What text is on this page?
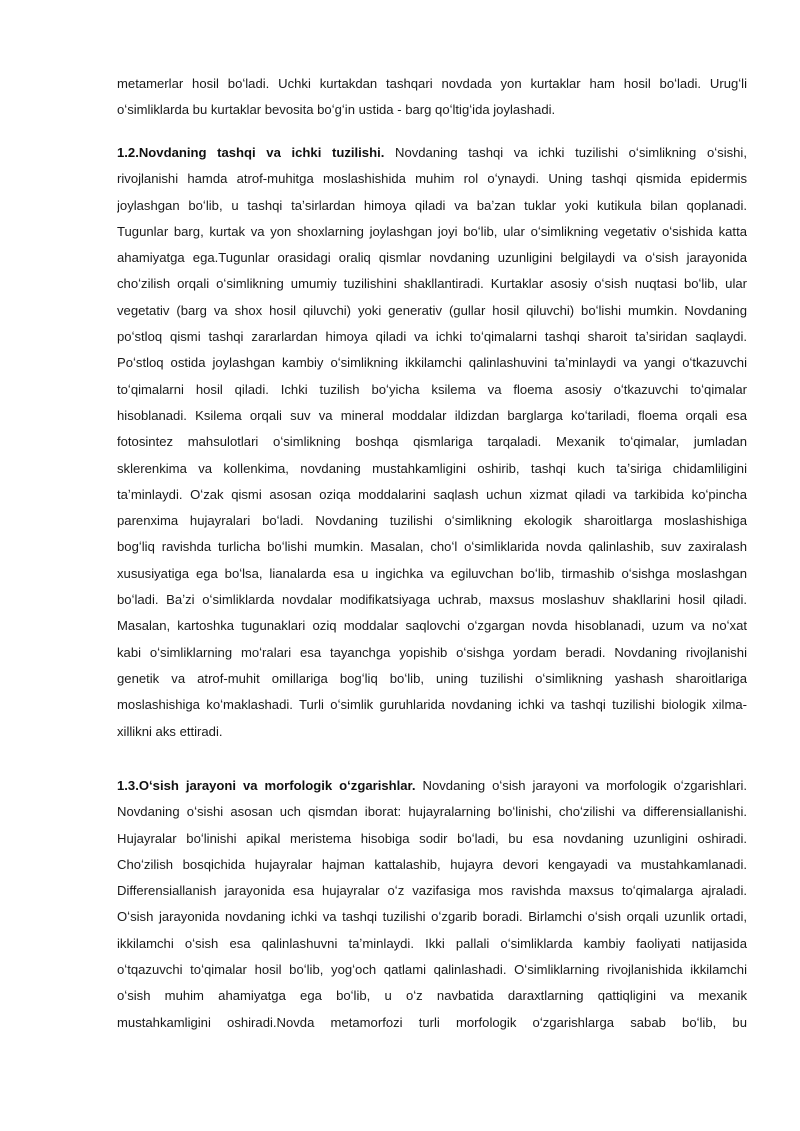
metamerlar hosil boʻladi. Uchki kurtakdan tashqari novdada yon kurtaklar ham hosil boʻladi. Urugʻli
oʻsimliklarda bu kurtaklar bevosita boʻgʻin ustida - barg qoʻltigʻida joylashadi.

1.2.Novdaning tashqi va ichki tuzilishi. Novdaning tashqi va ichki tuzilishi oʻsimlikning oʻsishi,
rivojlanishi hamda atrof-muhitga moslashishida muhim rol oʻynaydi. Uning tashqi qismida epidermis
joylashgan boʻlib, u tashqi taʼsirlardan himoya qiladi va baʼzan tuklar yoki kutikula bilan qoplanadi.
Tugunlar barg, kurtak va yon shoxlarning joylashgan joyi boʻlib, ular oʻsimlikning vegetativ oʻsishida katta
ahamiyatga ega.Tugunlar orasidagi oraliq qismlar novdaning uzunligini belgilaydi va oʻsish jarayonida
choʻzilish orqali oʻsimlikning umumiy tuzilishini shakllantiradi. Kurtaklar asosiy oʻsish nuqtasi boʻlib, ular
vegetativ (barg va shox hosil qiluvchi) yoki generativ (gullar hosil qiluvchi) boʻlishi mumkin. Novdaning
poʻstloq qismi tashqi zararlardan himoya qiladi va ichki toʻqimalarni tashqi sharoit taʼsiridan saqlaydi.
Poʻstloq ostida joylashgan kambiy oʻsimlikning ikkilamchi qalinlashuvini taʼminlaydi va yangi oʻtkazuvchi
toʻqimalarni hosil qiladi. Ichki tuzilish boʻyicha ksilema va floema asosiy oʻtkazuvchi toʻqimalar
hisoblanadi. Ksilema orqali suv va mineral moddalar ildizdan barglarga koʻtariladi, floema orqali esa
fotosintez mahsulotlari oʻsimlikning boshqa qismlariga tarqaladi. Mexanik toʻqimalar, jumladan
sklerenkima va kollenkima, novdaning mustahkamligini oshirib, tashqi kuch taʼsiriga chidamliligini
taʼminlaydi. Oʻzak qismi asosan oziqa moddalarini saqlash uchun xizmat qiladi va tarkibida koʻpincha
parenxima hujayralari boʻladi. Novdaning tuzilishi oʻsimlikning ekologik sharoitlarga moslashishiga
bogʻliq ravishda turlicha boʻlishi mumkin. Masalan, choʻl oʻsimliklarida novda qalinlashib, suv zaxiralash
xususiyatiga ega boʻlsa, lianalarda esa u ingichka va egiluvchan boʻlib, tirmashib oʻsishga moslashgan
boʻladi. Baʼzi oʻsimliklarda novdalar modifikatsiyaga uchrab, maxsus moslashuv shakllarini hosil qiladi.
Masalan, kartoshka tugunaklari oziq moddalar saqlovchi oʻzgargan novda hisoblanadi, uzum va noʻxat
kabi oʻsimliklarning moʻralari esa tayanchga yopishib oʻsishga yordam beradi. Novdaning rivojlanishi
genetik va atrof-muhit omillariga bogʻliq boʻlib, uning tuzilishi oʻsimlikning yashash sharoitlariga
moslashishiga koʻmaklashadi. Turli oʻsimlik guruhlarida novdaning ichki va tashqi tuzilishi biologik xilma-
xillikni aks ettiradi.

1.3.Oʻsish jarayoni va morfologik oʻzgarishlar. Novdaning oʻsish jarayoni va morfologik oʻzgarishlari.
Novdaning oʻsishi asosan uch qismdan iborat: hujayralarning boʻlinishi, choʻzilishi va differensiallanishi.
Hujayralar boʻlinishi apikal meristema hisobiga sodir boʻladi, bu esa novdaning uzunligini oshiradi.
Choʻzilish bosqichida hujayralar hajman kattalashib, hujayra devori kengayadi va mustahkamlanadi.
Differensiallanish jarayonida esa hujayralar oʻz vazifasiga mos ravishda maxsus toʻqimalarga ajraladi.
Oʻsish jarayonida novdaning ichki va tashqi tuzilishi oʻzgarib boradi. Birlamchi oʻsish orqali uzunlik ortadi,
ikkilamchi oʻsish esa qalinlashuvni taʼminlaydi. Ikki pallali oʻsimliklarda kambiy faoliyati natijasida
oʻtqazuvchi toʻqimalar hosil boʻlib, yogʻoch qatlami qalinlashadi. Oʻsimliklarning rivojlanishida ikkilamchi
oʻsish muhim ahamiyatga ega boʻlib, u oʻz navbatida daraxtlarning qattiqligini va mexanik
mustahkamligini oshiradi.Novda metamorfozi turli morfologik oʻzgarishlarga sabab boʻlib, bu
